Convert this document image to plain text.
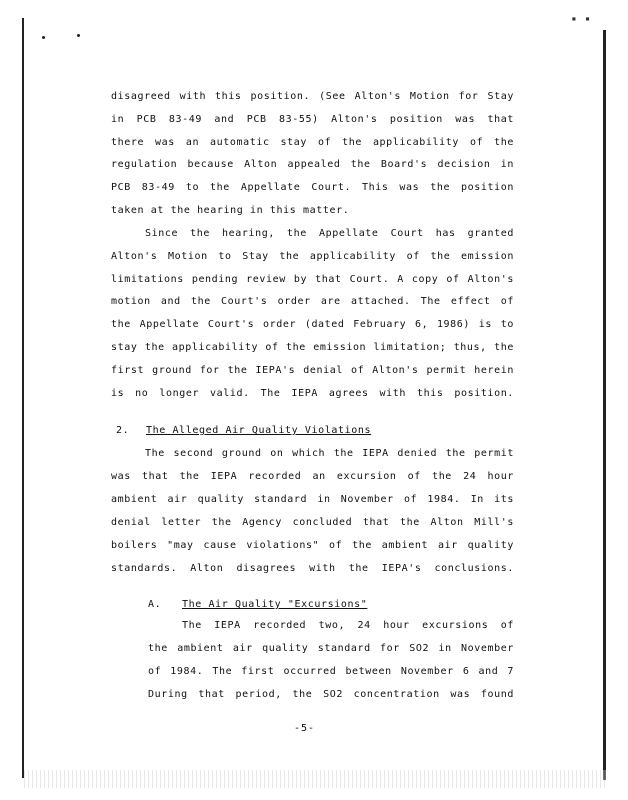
▪ ▪
disagreed with this position. (See Alton's Motion for Stay
in PCB 83-49 and PCB 83-55) Alton's position was that
there was an automatic stay of the applicability of the
regulation because Alton appealed the Board's decision in
PCB 83-49 to the Appellate Court. This was the position
taken at the hearing in this matter.
Since the hearing, the Appellate Court has granted
Alton's Motion to Stay the applicability of the emission
limitations pending review by that Court. A copy of Alton's
motion and the Court's order are attached. The effect of
the Appellate Court's order (dated February 6, 1986) is to
stay the applicability of the emission limitation; thus, the
first ground for the IEPA's denial of Alton's permit herein
is no longer valid. The IEPA agrees with this position.
2. The Alleged Air Quality Violations
The second ground on which the IEPA denied the permit
was that the IEPA recorded an excursion of the 24 hour
ambient air quality standard in November of 1984. In its
denial letter the Agency concluded that the Alton Mill's
boilers "may cause violations" of the ambient air quality
standards. Alton disagrees with the IEPA's conclusions.
A. The Air Quality "Excursions"
The IEPA recorded two, 24 hour excursions of
the ambient air quality standard for SO2 in November
of 1984. The first occurred between November 6 and 7
During that period, the SO2 concentration was found
-5-
